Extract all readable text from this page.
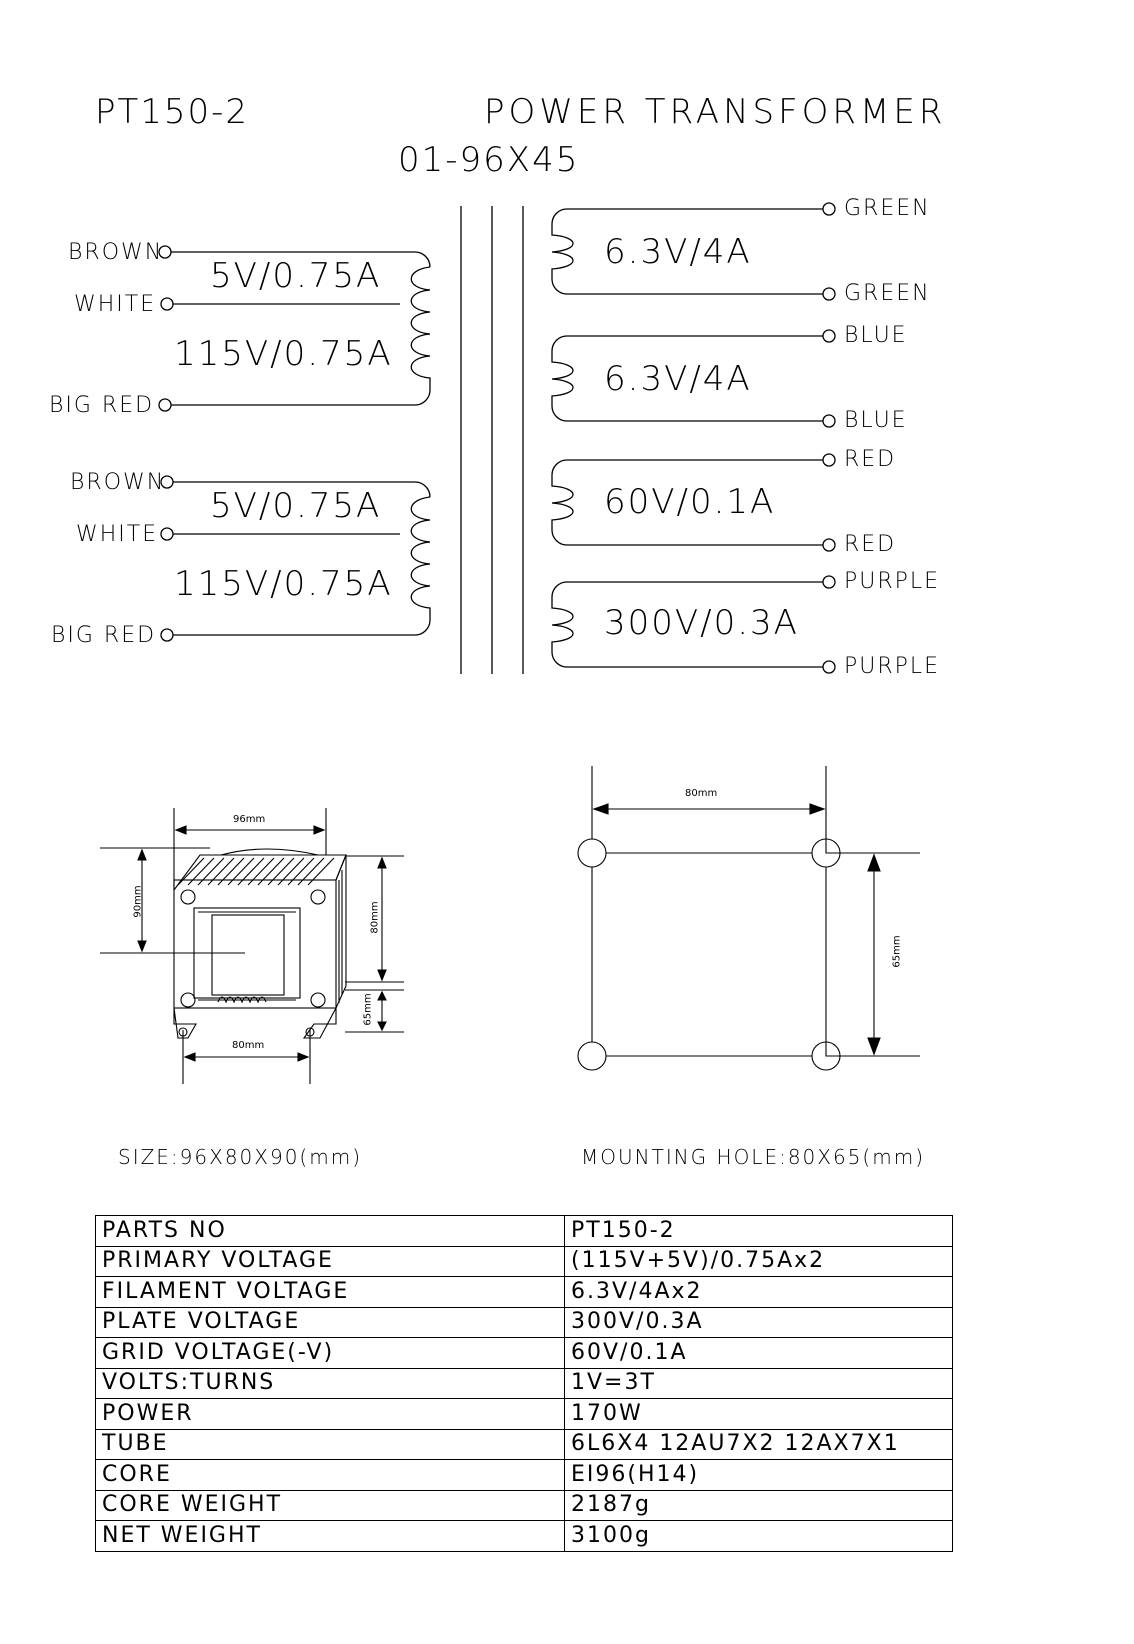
PT150-2	POWER TRANSFORMER
01-96X45
BROWN
WHITE
BIG RED
5V/0.75A
115V/0.75A
BROWN
WHITE
BIG RED
5V/0.75A
115V/0.75A
6.3V/4A
GREEN
GREEN
6.3V/4A
BLUE
BLUE
60V/0.1A
RED
RED
300V/0.3A
PURPLE
PURPLE
96mm
90mm	80mm
65mm
80mm
80mm
65mm
SIZE:96X80X90(mm)	MOUNTING HOLE:80X65(mm)
PARTS NO	PT150-2
PRIMARY VOLTAGE	(115V+5V)/0.75Ax2
FILAMENT VOLTAGE	6.3V/4Ax2
PLATE VOLTAGE	300V/0.3A
GRID VOLTAGE(-V)	60V/0.1A
VOLTS:TURNS	1V=3T
POWER	170W
TUBE	6L6X4 12AU7X2 12AX7X1
CORE	EI96(H14)
CORE WEIGHT	2187g
NET WEIGHT	3100g
